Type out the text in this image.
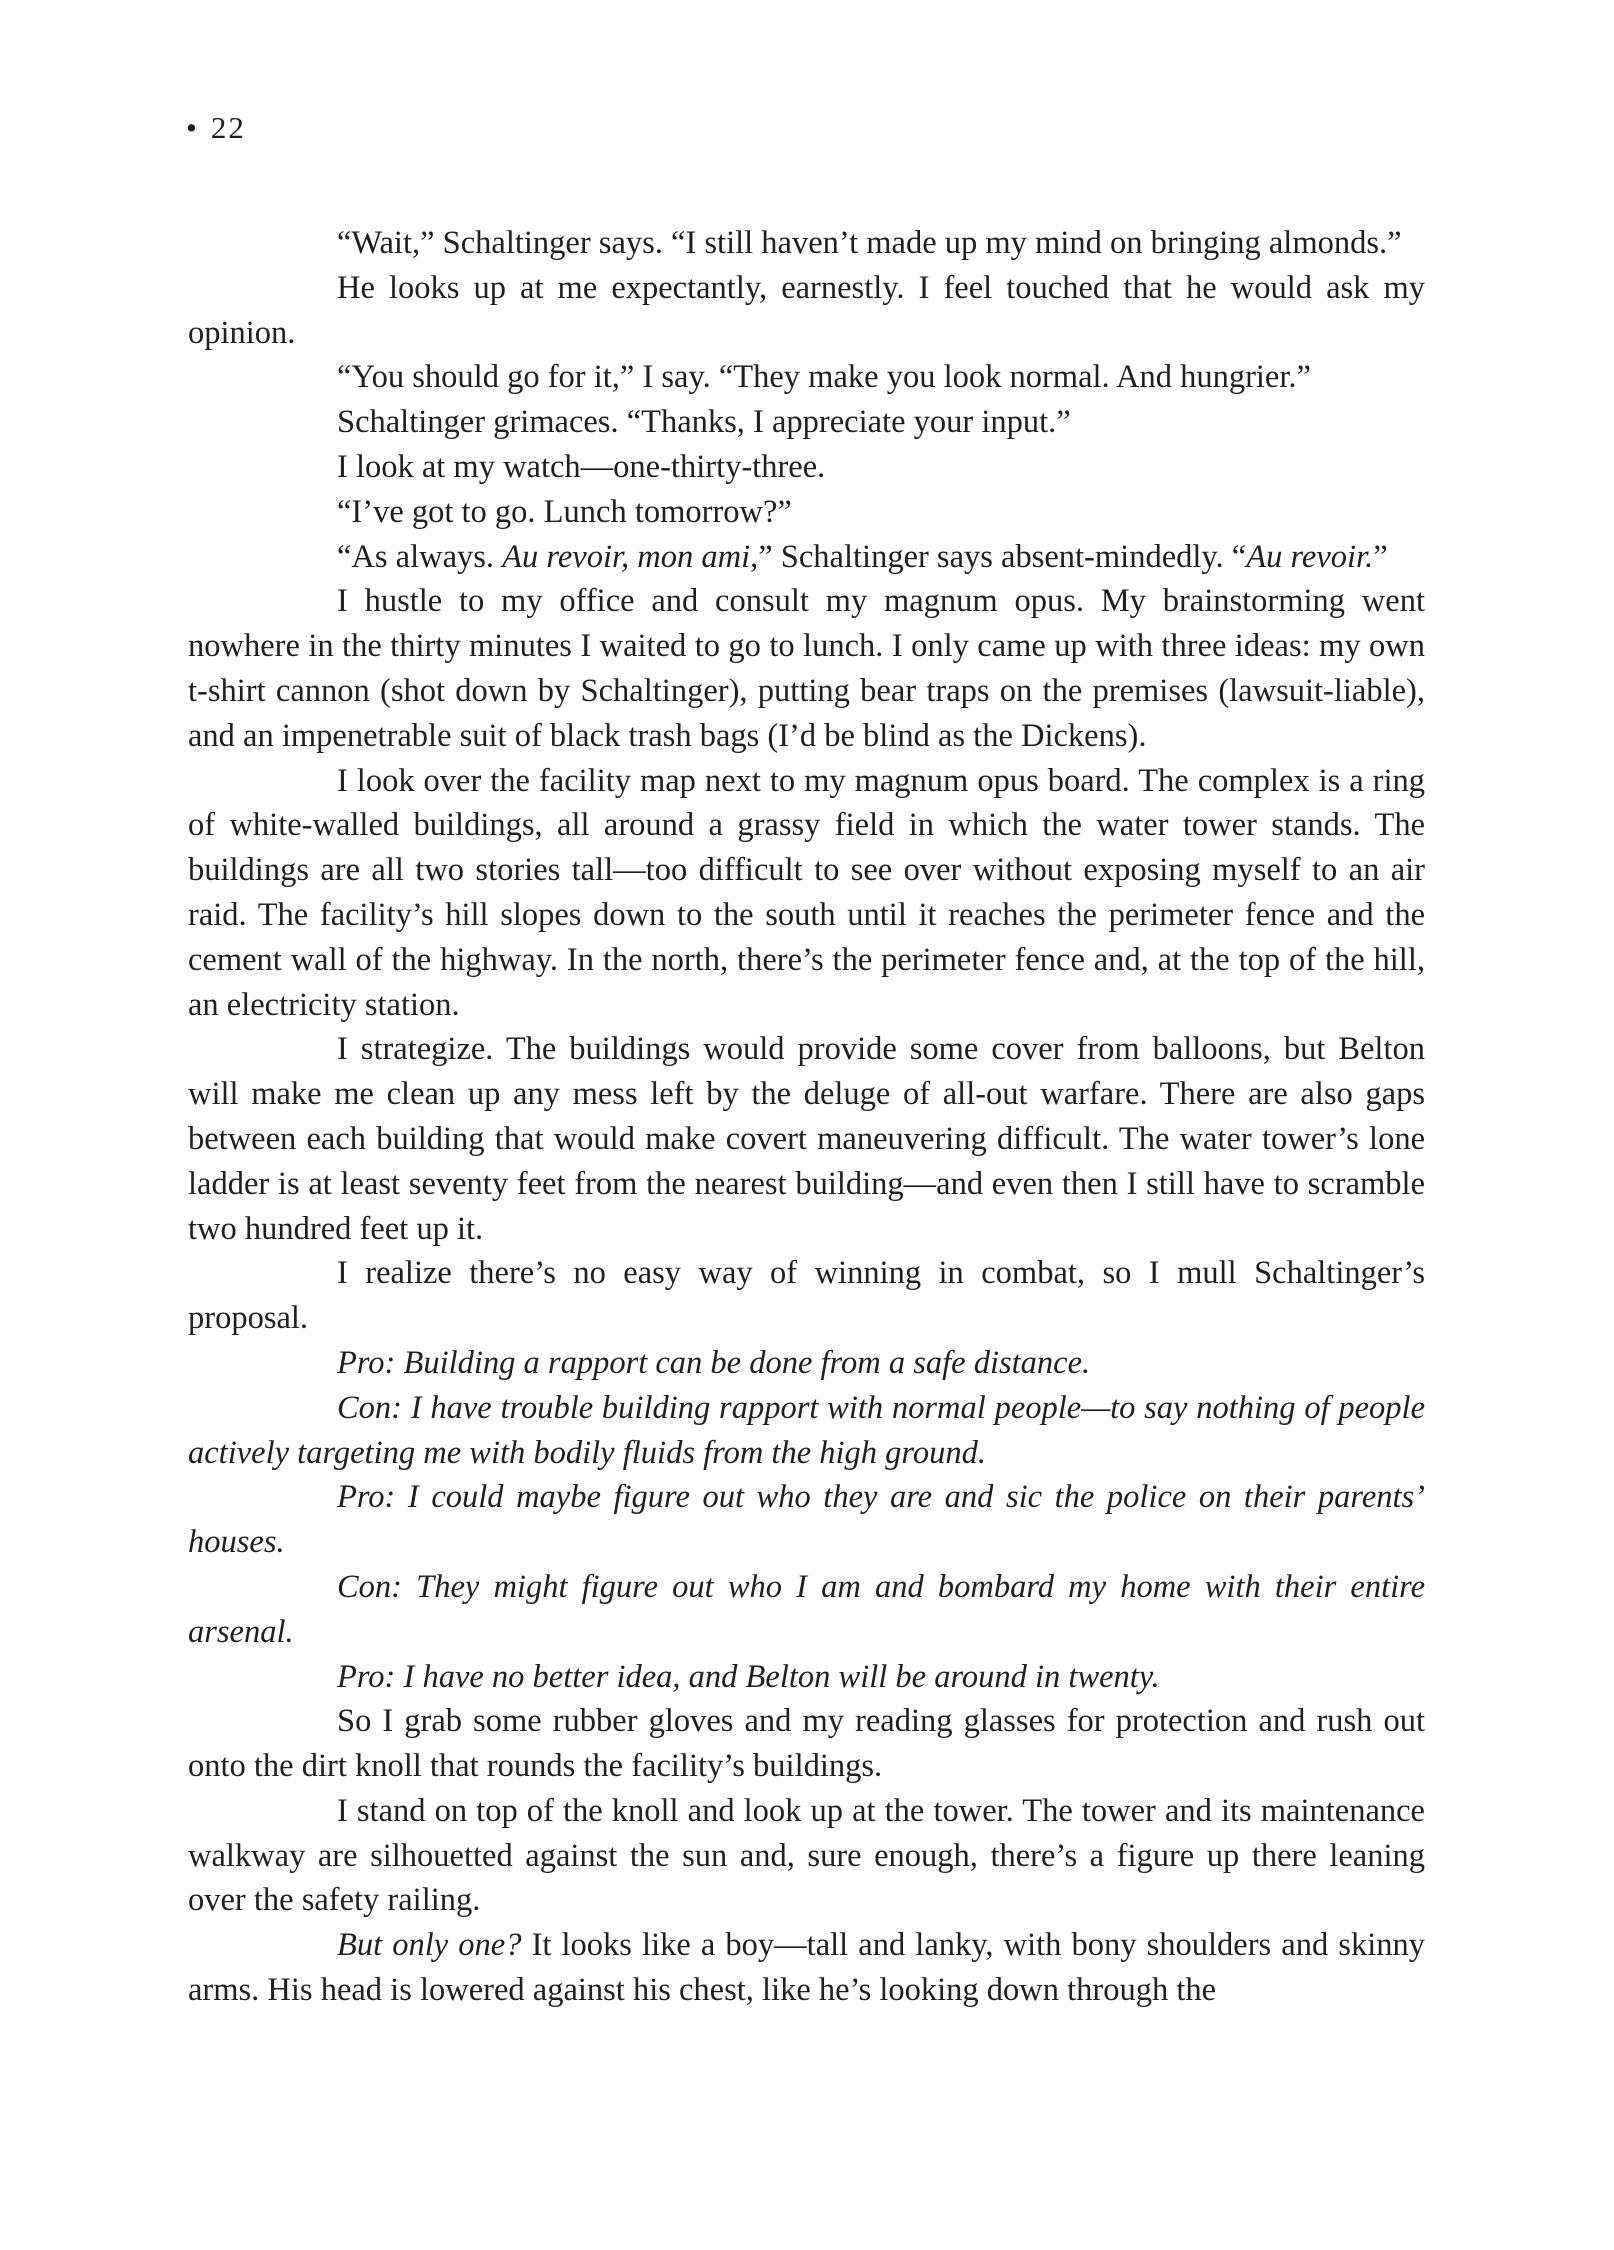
• 22

“Wait,” Schaltinger says. “I still haven’t made up my mind on bringing almonds.”

He looks up at me expectantly, earnestly. I feel touched that he would ask my opinion.

“You should go for it,” I say. “They make you look normal. And hungrier.”

Schaltinger grimaces. “Thanks, I appreciate your input.”

I look at my watch—one-thirty-three.

“I’ve got to go. Lunch tomorrow?”

“As always. Au revoir, mon ami,” Schaltinger says absent-mindedly. “Au revoir.”

I hustle to my office and consult my magnum opus. My brainstorming went nowhere in the thirty minutes I waited to go to lunch. I only came up with three ideas: my own t-shirt cannon (shot down by Schaltinger), putting bear traps on the premises (lawsuit-liable), and an impenetrable suit of black trash bags (I’d be blind as the Dickens).

I look over the facility map next to my magnum opus board. The complex is a ring of white-walled buildings, all around a grassy field in which the water tower stands. The buildings are all two stories tall—too difficult to see over without exposing myself to an air raid. The facility’s hill slopes down to the south until it reaches the perimeter fence and the cement wall of the highway. In the north, there’s the perimeter fence and, at the top of the hill, an electricity station.

I strategize. The buildings would provide some cover from balloons, but Belton will make me clean up any mess left by the deluge of all-out warfare. There are also gaps between each building that would make covert maneuvering difficult. The water tower’s lone ladder is at least seventy feet from the nearest building—and even then I still have to scramble two hundred feet up it.

I realize there’s no easy way of winning in combat, so I mull Schaltinger’s proposal.

Pro: Building a rapport can be done from a safe distance.

Con: I have trouble building rapport with normal people—to say nothing of people actively targeting me with bodily fluids from the high ground.

Pro: I could maybe figure out who they are and sic the police on their parents’ houses.

Con: They might figure out who I am and bombard my home with their entire arsenal.

Pro: I have no better idea, and Belton will be around in twenty.

So I grab some rubber gloves and my reading glasses for protection and rush out onto the dirt knoll that rounds the facility’s buildings.

I stand on top of the knoll and look up at the tower. The tower and its maintenance walkway are silhouetted against the sun and, sure enough, there’s a figure up there leaning over the safety railing.

But only one? It looks like a boy—tall and lanky, with bony shoulders and skinny arms. His head is lowered against his chest, like he’s looking down through the
